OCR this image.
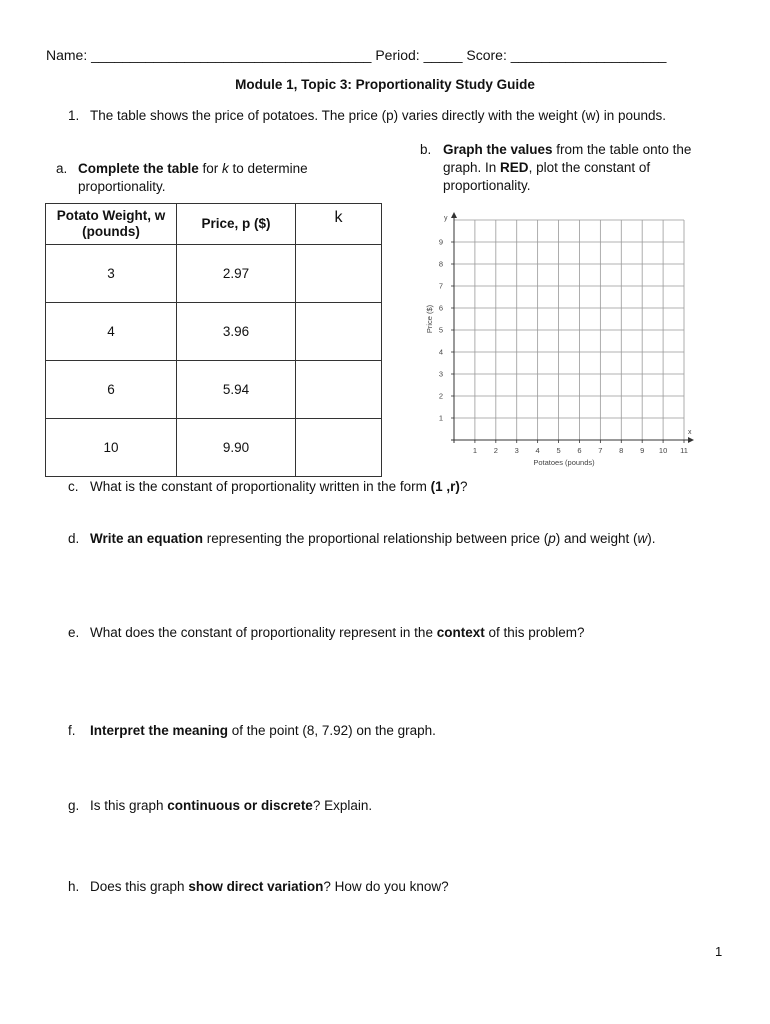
Name: ____________________________________ Period: _____ Score: ____________________
Module 1, Topic 3: Proportionality Study Guide
1. The table shows the price of potatoes. The price (p) varies directly with the weight (w) in pounds.
a. Complete the table for k to determine proportionality.
b. Graph the values from the table onto the graph. In RED, plot the constant of proportionality.
Potato Weight, w (pounds)	Price, p ($)	k
3	2.97	
4	3.96	
6	5.94	
10	9.90	
y
x
1 2 3 4 5 6 7 8 9 10 11
1
2
3
4
5
6
7
8
9
Potatoes (pounds)
Price ($)
c. What is the constant of proportionality written in the form (1 ,r)?
d. Write an equation representing the proportional relationship between price (p) and weight (w).
e. What does the constant of proportionality represent in the context of this problem?
f. Interpret the meaning of the point (8, 7.92) on the graph.
g. Is this graph continuous or discrete? Explain.
h. Does this graph show direct variation? How do you know?
1
